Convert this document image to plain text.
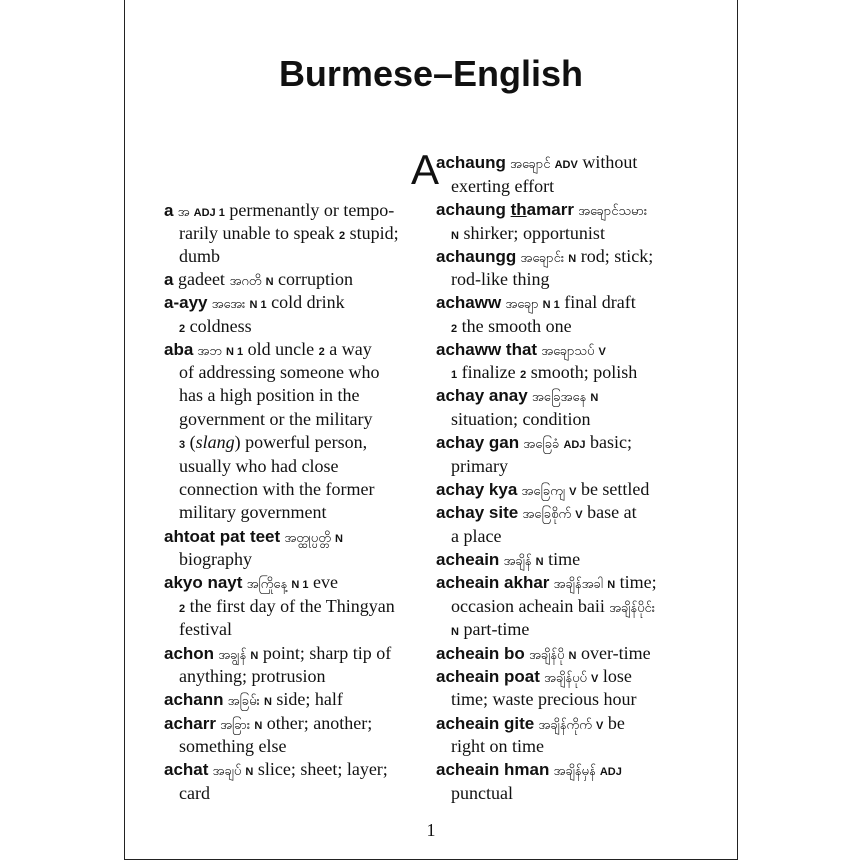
Burmese–English
A
1
a အ ADJ 1 permenantly or tempo-
rarily unable to speak 2 stupid;
dumb
a gadeet အဂတိ N corruption
a-ayy အအေး N 1 cold drink
2 coldness
aba အဘ N 1 old uncle 2 a way
of addressing someone who
has a high position in the
government or the military
3 (slang) powerful person,
usually who had close
connection with the former
military government
ahtoat pat teet အတ္ထုပ္ပတ္တိ N
biography
akyo nayt အကြိုနေ့ N 1 eve
2 the first day of the Thingyan
festival
achon အချွန် N point; sharp tip of
anything; protrusion
achann အခြမ်း N side; half
acharr အခြား N other; another;
something else
achat အချပ် N slice; sheet; layer;
card
achaung အချောင် ADV without
exerting effort
achaung thamarr အချောင်သမား
N shirker; opportunist
achaungg အချောင်း N rod; stick;
rod-like thing
achaww အချော N 1 final draft
2 the smooth one
achaww that အချောသပ် V
1 finalize 2 smooth; polish
achay anay အခြေအနေ N
situation; condition
achay gan အခြေခံ ADJ basic;
primary
achay kya အခြေကျ V be settled
achay site အခြေစိုက် V base at
a place
acheain အချိန် N time
acheain akhar အချိန်အခါ N time;
occasion acheain baii အချိန်ပိုင်း
N part-time
acheain bo အချိန်ပို N over-time
acheain poat အချိန်ပုပ် V lose
time; waste precious hour
acheain gite အချိန်ကိုက် V be
right on time
acheain hman အချိန်မှန် ADJ
punctual
